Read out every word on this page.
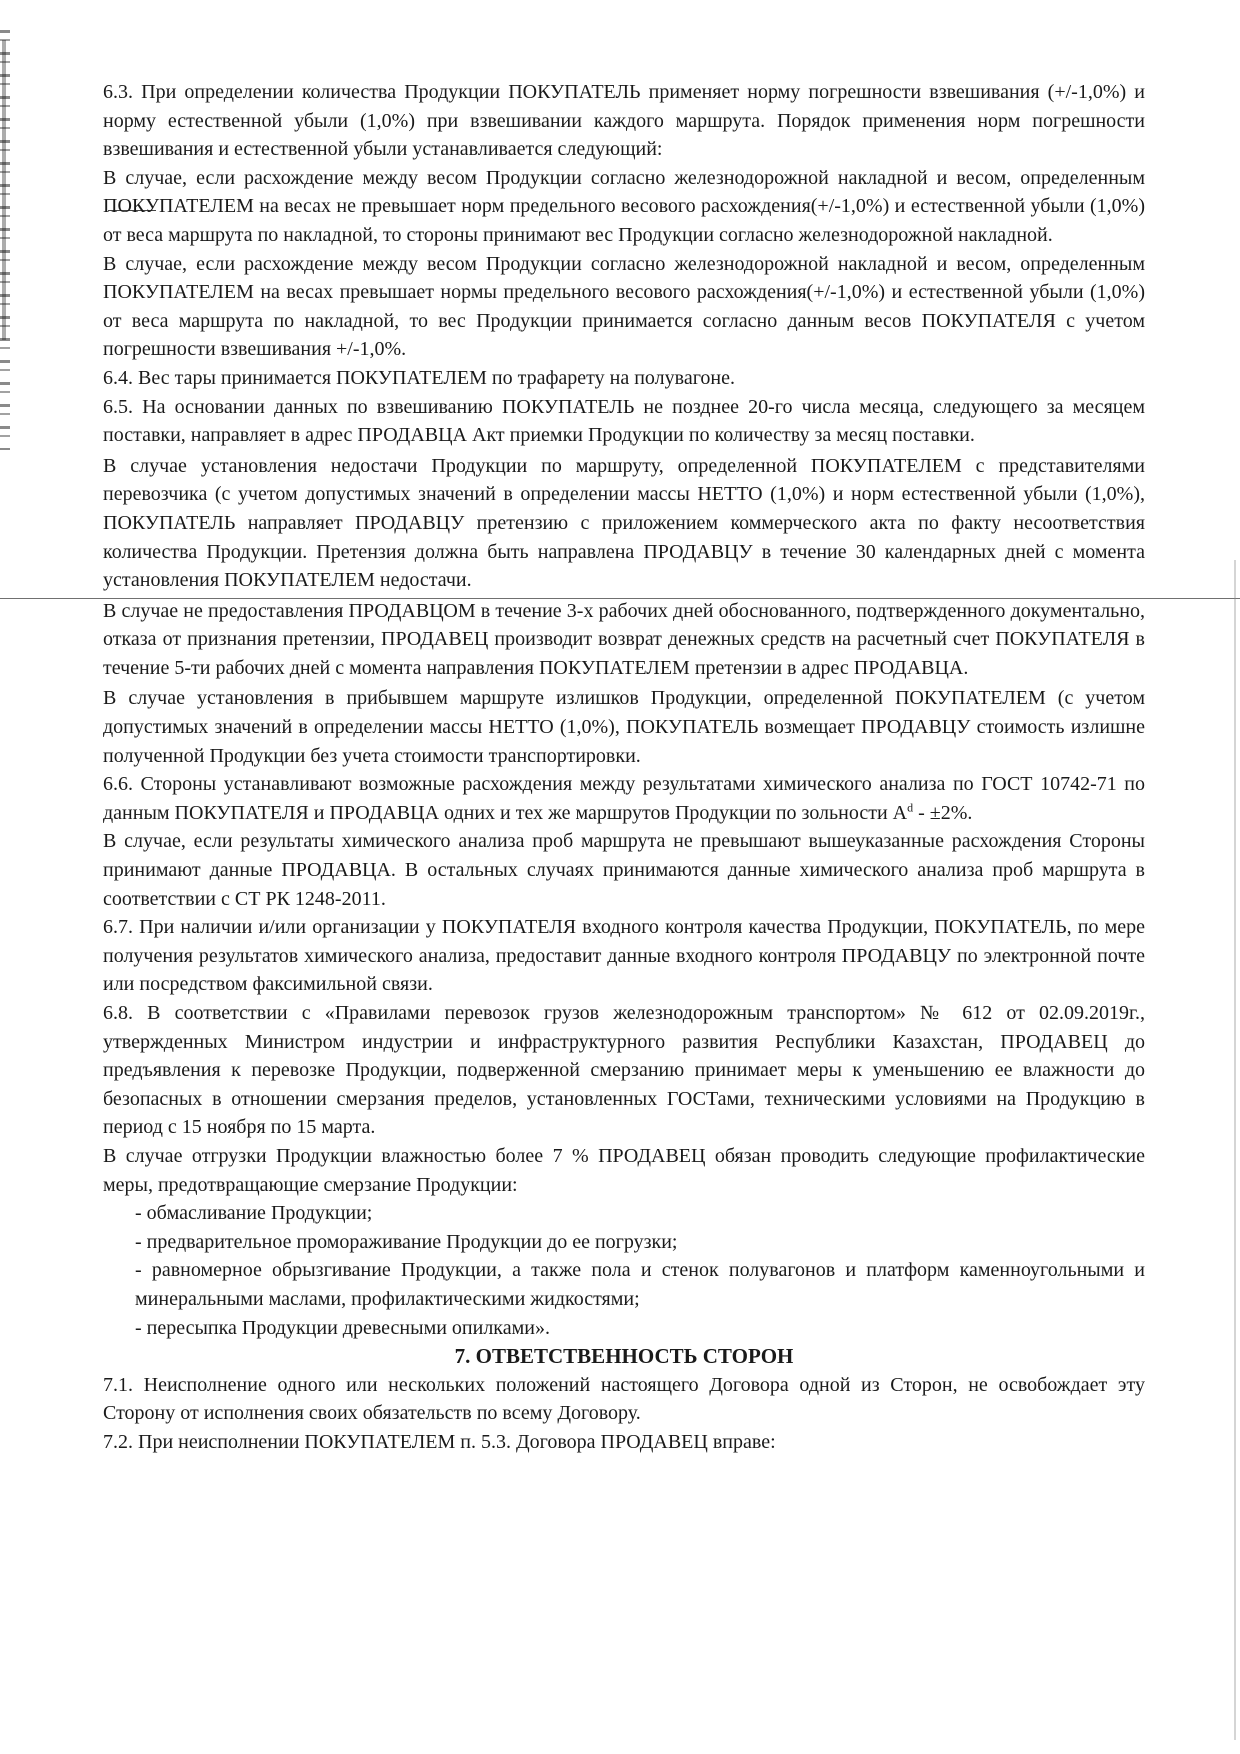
6.3. При определении количества Продукции ПОКУПАТЕЛЬ применяет норму погрешности взвешивания (+/-1,0%) и норму естественной убыли (1,0%) при взвешивании каждого маршрута. Порядок применения норм погрешности взвешивания и естественной убыли устанавливается следующий:

В случае, если расхождение между весом Продукции согласно железнодорожной накладной и весом, определенным ПОКУПАТЕЛЕМ на весах не превышает норм предельного весового расхождения(+/-1,0%) и естественной убыли (1,0%) от веса маршрута по накладной, то стороны принимают вес Продукции согласно железнодорожной накладной.

В случае, если расхождение между весом Продукции согласно железнодорожной накладной и весом, определенным ПОКУПАТЕЛЕМ на весах превышает нормы предельного весового расхождения(+/-1,0%) и естественной убыли (1,0%) от веса маршрута по накладной, то вес Продукции принимается согласно данным весов ПОКУПАТЕЛЯ с учетом погрешности взвешивания +/-1,0%.

6.4. Вес тары принимается ПОКУПАТЕЛЕМ по трафарету на полувагоне.

6.5. На основании данных по взвешиванию ПОКУПАТЕЛЬ не позднее 20-го числа месяца, следующего за месяцем поставки, направляет в адрес ПРОДАВЦА Акт приемки Продукции по количеству за месяц поставки.

В случае установления недостачи Продукции по маршруту, определенной ПОКУПАТЕЛЕМ с представителями перевозчика (с учетом допустимых значений в определении массы НЕТТО (1,0%) и норм естественной убыли (1,0%), ПОКУПАТЕЛЬ направляет ПРОДАВЦУ претензию с приложением коммерческого акта по факту несоответствия количества Продукции. Претензия должна быть направлена ПРОДАВЦУ в течение 30 календарных дней с момента установления ПОКУПАТЕЛЕМ недостачи.

В случае не предоставления ПРОДАВЦОМ в течение 3-х рабочих дней обоснованного, подтвержденного документально, отказа от признания претензии, ПРОДАВЕЦ производит возврат денежных средств на расчетный счет ПОКУПАТЕЛЯ в течение 5-ти рабочих дней с момента направления ПОКУПАТЕЛЕМ претензии в адрес ПРОДАВЦА.

В случае установления в прибывшем маршруте излишков Продукции, определенной ПОКУПАТЕЛЕМ (с учетом допустимых значений в определении массы НЕТТО (1,0%), ПОКУПАТЕЛЬ возмещает ПРОДАВЦУ стоимость излишне полученной Продукции без учета стоимости транспортировки.

6.6. Стороны устанавливают возможные расхождения между результатами химического анализа по ГОСТ 10742-71 по данным ПОКУПАТЕЛЯ и ПРОДАВЦА одних и тех же маршрутов Продукции по зольности $A^d - \pm 2\%$.

В случае, если результаты химического анализа проб маршрута не превышают вышеуказанные расхождения Стороны принимают данные ПРОДАВЦА. В остальных случаях принимаются данные химического анализа проб маршрута в соответствии с СТ РК 1248-2011.

6.7. При наличии и/или организации у ПОКУПАТЕЛЯ входного контроля качества Продукции, ПОКУПАТЕЛЬ, по мере получения результатов химического анализа, предоставит данные входного контроля ПРОДАВЦУ по электронной почте или посредством факсимильной связи.

6.8. В соответствии с «Правилами перевозок грузов железнодорожным транспортом» № 612 от 02.09.2019г., утвержденных Министром индустрии и инфраструктурного развития Республики Казахстан, ПРОДАВЕЦ до предъявления к перевозке Продукции, подверженной смерзанию принимает меры к уменьшению ее влажности до безопасных в отношении смерзания пределов, установленных ГОСТами, техническими условиями на Продукцию в период с 15 ноября по 15 марта.

В случае отгрузки Продукции влажностью более 7 % ПРОДАВЕЦ обязан проводить следующие профилактические меры, предотвращающие смерзание Продукции:

- обмасливание Продукции;

- предварительное промораживание Продукции до ее погрузки;

- равномерное обрызгивание Продукции, а также пола и стенок полувагонов и платформ каменноугольными и минеральными маслами, профилактическими жидкостями;

- пересыпка Продукции древесными опилками».

7. ОТВЕТСТВЕННОСТЬ СТОРОН

7.1. Неисполнение одного или нескольких положений настоящего Договора одной из Сторон, не освобождает эту Сторону от исполнения своих обязательств по всему Договору.

7.2. При неисполнении ПОКУПАТЕЛЕМ п. 5.3. Договора ПРОДАВЕЦ вправе:
